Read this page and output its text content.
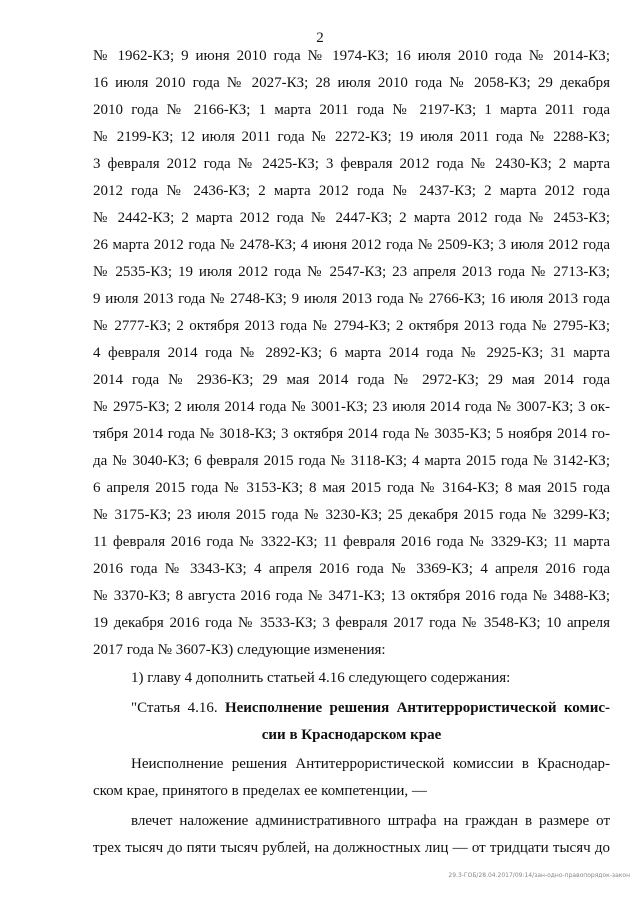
2
№ 1962-КЗ; 9 июня 2010 года № 1974-КЗ; 16 июля 2010 года № 2014-КЗ;
16 июля 2010 года № 2027-КЗ; 28 июля 2010 года № 2058-КЗ; 29 декабря
2010 года № 2166-КЗ; 1 марта 2011 года № 2197-КЗ; 1 марта 2011 года
№ 2199-КЗ; 12 июля 2011 года № 2272-КЗ; 19 июля 2011 года № 2288-КЗ;
3 февраля 2012 года № 2425-КЗ; 3 февраля 2012 года № 2430-КЗ; 2 марта
2012 года № 2436-КЗ; 2 марта 2012 года № 2437-КЗ; 2 марта 2012 года
№ 2442-КЗ; 2 марта 2012 года № 2447-КЗ; 2 марта 2012 года № 2453-КЗ;
26 марта 2012 года № 2478-КЗ; 4 июня 2012 года № 2509-КЗ; 3 июля 2012 года
№ 2535-КЗ; 19 июля 2012 года № 2547-КЗ; 23 апреля 2013 года № 2713-КЗ;
9 июля 2013 года № 2748-КЗ; 9 июля 2013 года № 2766-КЗ; 16 июля 2013 года
№ 2777-КЗ; 2 октября 2013 года № 2794-КЗ; 2 октября 2013 года № 2795-КЗ;
4 февраля 2014 года № 2892-КЗ; 6 марта 2014 года № 2925-КЗ; 31 марта
2014 года № 2936-КЗ; 29 мая 2014 года № 2972-КЗ; 29 мая 2014 года
№ 2975-КЗ; 2 июля 2014 года № 3001-КЗ; 23 июля 2014 года № 3007-КЗ; 3 ок-
тября 2014 года № 3018-КЗ; 3 октября 2014 года № 3035-КЗ; 5 ноября 2014 го-
да № 3040-КЗ; 6 февраля 2015 года № 3118-КЗ; 4 марта 2015 года № 3142-КЗ;
6 апреля 2015 года № 3153-КЗ; 8 мая 2015 года № 3164-КЗ; 8 мая 2015 года
№ 3175-КЗ; 23 июля 2015 года № 3230-КЗ; 25 декабря 2015 года № 3299-КЗ;
11 февраля 2016 года № 3322-КЗ; 11 февраля 2016 года № 3329-КЗ; 11 марта
2016 года № 3343-КЗ; 4 апреля 2016 года № 3369-КЗ; 4 апреля 2016 года
№ 3370-КЗ; 8 августа 2016 года № 3471-КЗ; 13 октября 2016 года № 3488-КЗ;
19 декабря 2016 года № 3533-КЗ; 3 февраля 2017 года № 3548-КЗ; 10 апреля
2017 года № 3607-КЗ) следующие изменения:
1) главу 4 дополнить статьей 4.16 следующего содержания:
"Статья 4.16. Неисполнение решения Антитеррористической комис-
сии в Краснодарском крае
Неисполнение решения Антитеррористической комиссии в Краснодар-
ском крае, принятого в пределах ее компетенции, —
влечет наложение административного штрафа на граждан в размере от
трех тысяч до пяти тысяч рублей, на должностных лиц — от тридцати тысяч до
29.3-ГОБ/28.04.2017/09:14/зан-одно-правопорядок-закон
